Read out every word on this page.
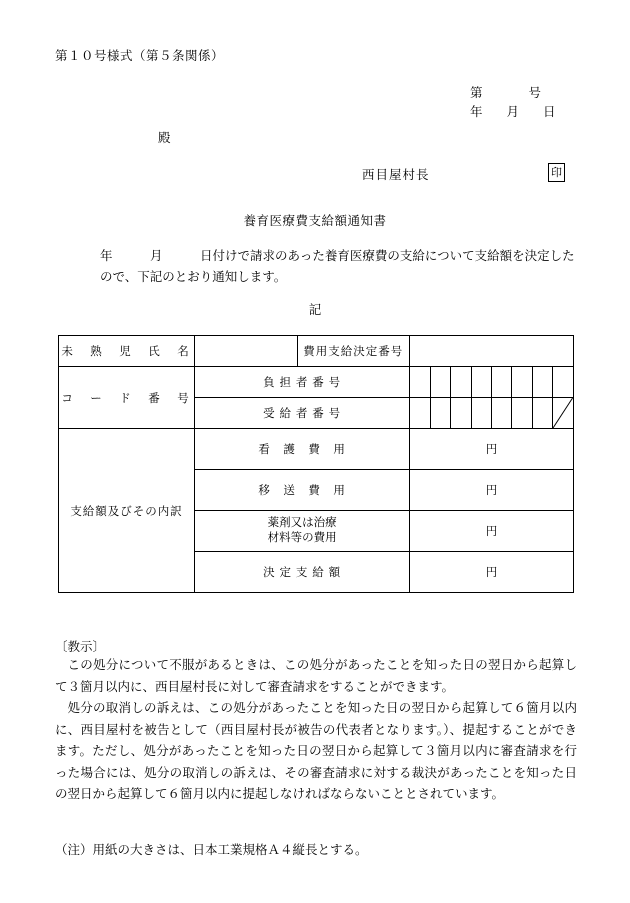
第１０号様式（第５条関係）
第	号
年 月 日
殿
西目屋村長	印
養育医療費支給額通知書
年　　　月　　　日付けで請求のあった養育医療費の支給について支給額を決定したので、下記のとおり通知します。
記
未　熟　児　氏　名		費用支給決定番号								
コ　ー　ド　番　号	負 担 者 番 号									
	受 給 者 番 号								

支給額及びその内訳	看　護　費　用		円							
	移　送　費　用		円							

	薬剤又は治療
材料等の費用		円							
	決 定 支 給 額		円							
〔教示〕

この処分について不服があるときは、この処分があったことを知った日の翌日から起算して３箇月以内に、西目屋村長に対して審査請求をすることができます。

処分の取消しの訴えは、この処分があったことを知った日の翌日から起算して６箇月以内に、西目屋村を被告として（西目屋村長が被告の代表者となります。）、提起することができます。ただし、処分があったことを知った日の翌日から起算して３箇月以内に審査請求を行った場合には、処分の取消しの訴えは、その審査請求に対する裁決があったことを知った日の翌日から起算して６箇月以内に提起しなければならないこととされています。

（注）用紙の大きさは、日本工業規格Ａ４縦長とする。
